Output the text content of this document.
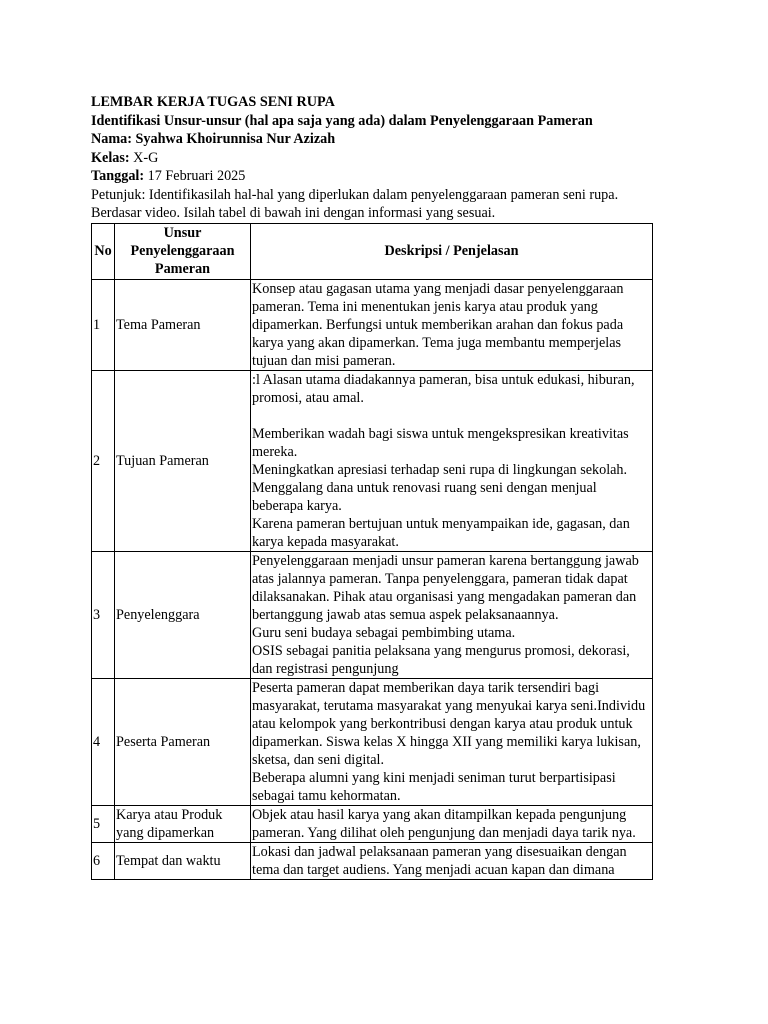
LEMBAR KERJA TUGAS SENI RUPA
Identifikasi Unsur-unsur (hal apa saja yang ada) dalam Penyelenggaraan Pameran
Nama: Syahwa Khoirunnisa Nur Azizah
Kelas: X-G
Tanggal: 17 Februari 2025
Petunjuk: Identifikasilah hal-hal yang diperlukan dalam penyelenggaraan pameran seni rupa. Berdasar video. Isilah tabel di bawah ini dengan informasi yang sesuai.
No	Unsur Penyelenggaraan Pameran	Deskripsi / Penjelasan
1	Tema Pameran	Konsep atau gagasan utama yang menjadi dasar penyelenggaraan pameran. Tema ini menentukan jenis karya atau produk yang dipamerkan. Berfungsi untuk memberikan arahan dan fokus pada karya yang akan dipamerkan. Tema juga membantu memperjelas tujuan dan misi pameran.

2	Tujuan Pameran	:l Alasan utama diadakannya pameran, bisa untuk edukasi, hiburan, promosi, atau amal.

Memberikan wadah bagi siswa untuk mengekspresikan kreativitas mereka.

Meningkatkan apresiasi terhadap seni rupa di lingkungan sekolah.

Menggalang dana untuk renovasi ruang seni dengan menjual beberapa karya.

Karena pameran bertujuan untuk menyampaikan ide, gagasan, dan karya kepada masyarakat.

3	Penyelenggara	Penyelenggaraan menjadi unsur pameran karena bertanggung jawab atas jalannya pameran. Tanpa penyelenggara, pameran tidak dapat dilaksanakan. Pihak atau organisasi yang mengadakan pameran dan bertanggung jawab atas semua aspek pelaksanaannya.

Guru seni budaya sebagai pembimbing utama.

OSIS sebagai panitia pelaksana yang mengurus promosi, dekorasi, dan registrasi pengunjung

4	Peserta Pameran	Peserta pameran dapat memberikan daya tarik tersendiri bagi masyarakat, terutama masyarakat yang menyukai karya seni.Individu atau kelompok yang berkontribusi dengan karya atau produk untuk dipamerkan. Siswa kelas X hingga XII yang memiliki karya lukisan, sketsa, dan seni digital.

Beberapa alumni yang kini menjadi seniman turut berpartisipasi sebagai tamu kehormatan.

5	Karya atau Produk yang dipamerkan	Objek atau hasil karya yang akan ditampilkan kepada pengunjung pameran. Yang dilihat oleh pengunjung dan menjadi daya tarik nya.

6	Tempat dan waktu	Lokasi dan jadwal pelaksanaan pameran yang disesuaikan dengan tema dan target audiens. Yang menjadi acuan kapan dan dimana
